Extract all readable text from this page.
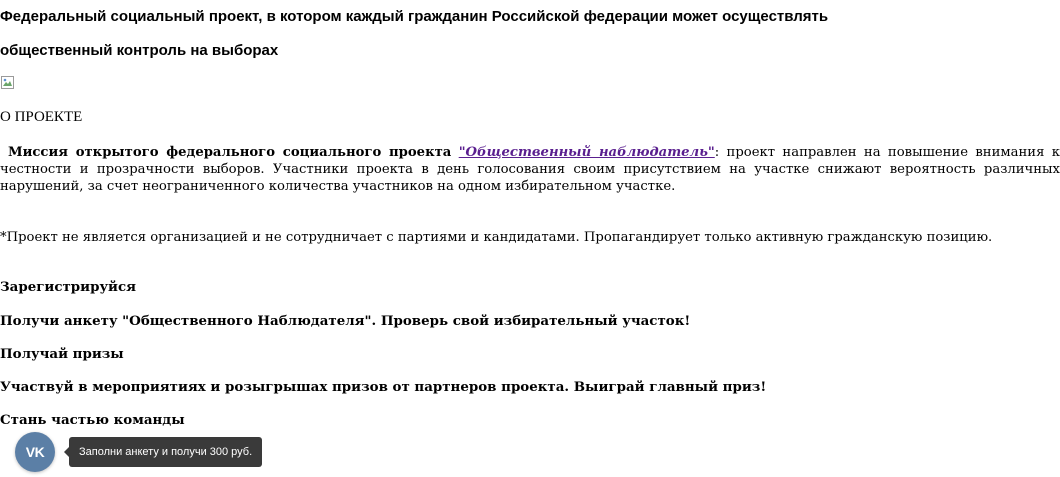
Федеральный социальный проект, в котором каждый гражданин Российской федерации может осуществлять
общественный контроль на выборах
О ПРОЕКТЕ

Миссия открытого федерального социального проекта "Общественный наблюдатель": проект направлен на повышение внимания к честности и прозрачности выборов. Участники проекта в день голосования своим присутствием на участке снижают вероятность различных нарушений, за счет неограниченного количества участников на одном избирательном участке.

*Проект не является организацией и не сотрудничает с партиями и кандидатами. Пропагандирует только активную гражданскую позицию.

Зарегистрируйся
Получи анкету "Общественного Наблюдателя". Проверь свой избирательный участок!
Получай призы
Участвуй в мероприятиях и розыгрышах призов от партнеров проекта. Выиграй главный приз!
Стань частью команды
VK	Заполни анкету и получи 300 руб.
